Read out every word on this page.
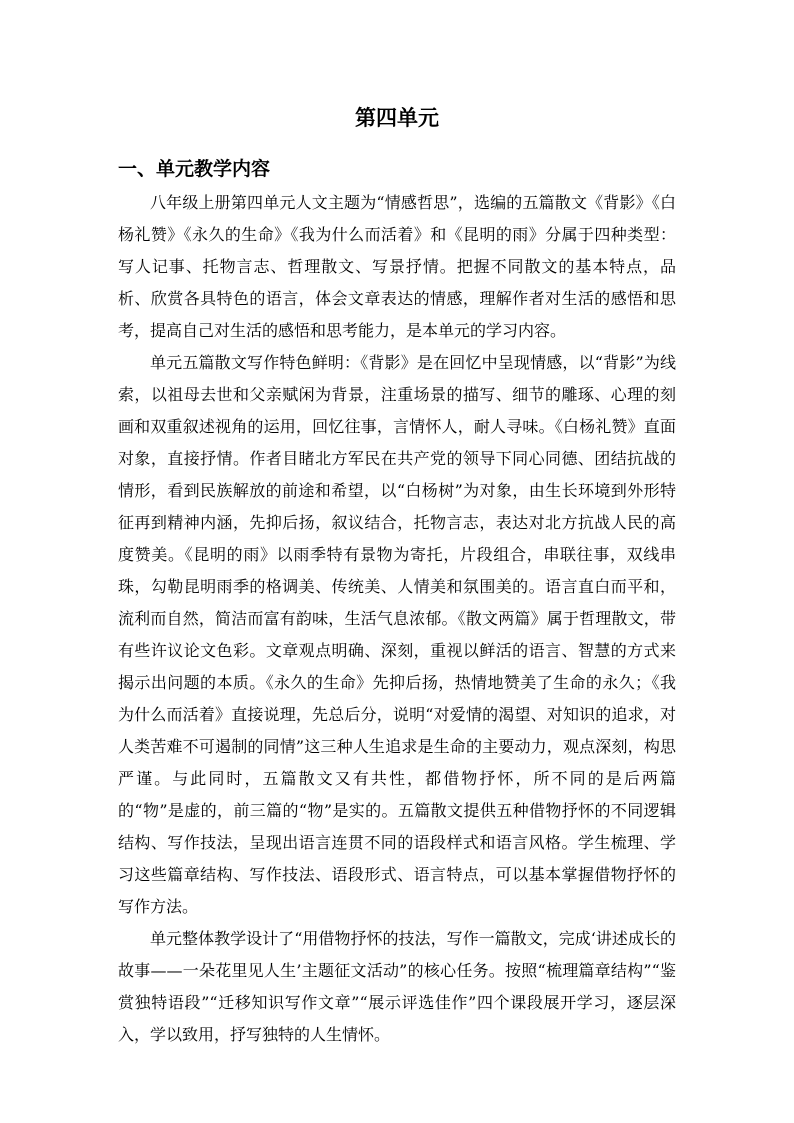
第四单元
一、单元教学内容

八年级上册第四单元人文主题为“情感哲思”，选编的五篇散文《背影》《白杨礼赞》《永久的生命》《我为什么而活着》和《昆明的雨》分属于四种类型：写人记事、托物言志、哲理散文、写景抒情。把握不同散文的基本特点，品析、欣赏各具特色的语言，体会文章表达的情感，理解作者对生活的感悟和思考，提高自己对生活的感悟和思考能力，是本单元的学习内容。

单元五篇散文写作特色鲜明：《背影》是在回忆中呈现情感，以“背影”为线索，以祖母去世和父亲赋闲为背景，注重场景的描写、细节的雕琢、心理的刻画和双重叙述视角的运用，回忆往事，言情怀人，耐人寻味。《白杨礼赞》直面对象，直接抒情。作者目睹北方军民在共产党的领导下同心同德、团结抗战的情形，看到民族解放的前途和希望，以“白杨树”为对象，由生长环境到外形特征再到精神内涵，先抑后扬，叙议结合，托物言志，表达对北方抗战人民的高度赞美。《昆明的雨》以雨季特有景物为寄托，片段组合，串联往事，双线串珠，勾勒昆明雨季的格调美、传统美、人情美和氛围美的。语言直白而平和，流利而自然，简洁而富有韵味，生活气息浓郁。《散文两篇》属于哲理散文，带有些许议论文色彩。文章观点明确、深刻，重视以鲜活的语言、智慧的方式来揭示出问题的本质。《永久的生命》先抑后扬，热情地赞美了生命的永久；《我为什么而活着》直接说理，先总后分，说明“对爱情的渴望、对知识的追求，对人类苦难不可遏制的同情”这三种人生追求是生命的主要动力，观点深刻，构思严谨。与此同时，五篇散文又有共性，都借物抒怀，所不同的是后两篇的“物”是虚的，前三篇的“物”是实的。五篇散文提供五种借物抒怀的不同逻辑结构、写作技法，呈现出语言连贯不同的语段样式和语言风格。学生梳理、学习这些篇章结构、写作技法、语段形式、语言特点，可以基本掌握借物抒怀的写作方法。

单元整体教学设计了“用借物抒怀的技法，写作一篇散文，完成‘讲述成长的故事——一朵花里见人生’主题征文活动”的核心任务。按照“梳理篇章结构”“鉴赏独特语段”“迁移知识写作文章”“展示评选佳作”四个课段展开学习，逐层深入，学以致用，抒写独特的人生情怀。
